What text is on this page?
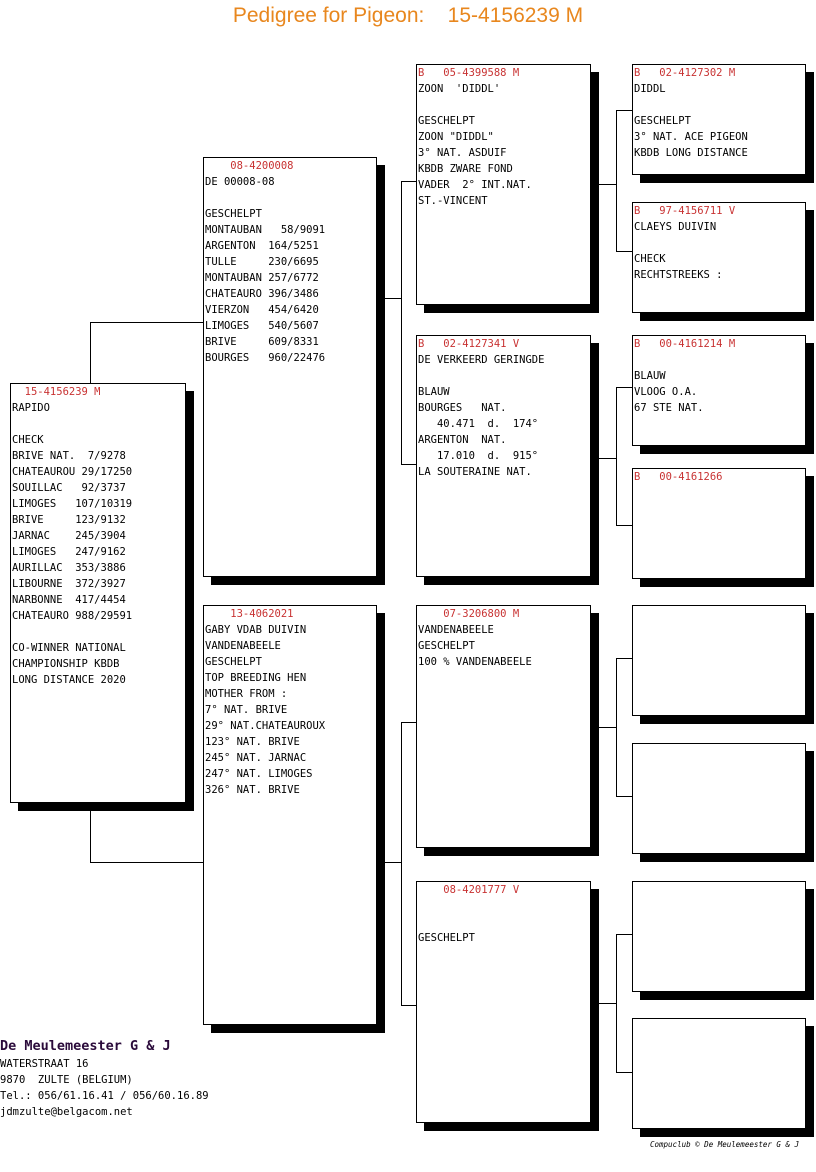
Pedigree for Pigeon:    15-4156239 M
15-4156239 M
RAPIDO
CHECK
BRIVE NAT.  7/9278
CHATEAUROU 29/17250
SOUILLAC   92/3737
LIMOGES   107/10319
BRIVE     123/9132
JARNAC    245/3904
LIMOGES   247/9162
AURILLAC  353/3886
LIBOURNE  372/3927
NARBONNE  417/4454
CHATEAURO 988/29591
CO-WINNER NATIONAL
CHAMPIONSHIP KBDB
LONG DISTANCE 2020
08-4200008
DE 00008-08
GESCHELPT
MONTAUBAN   58/9091
ARGENTON  164/5251
TULLE     230/6695
MONTAUBAN 257/6772
CHATEAURO 396/3486
VIERZON   454/6420
LIMOGES   540/5607
BRIVE     609/8331
BOURGES   960/22476
13-4062021
GABY VDAB DUIVIN
VANDENABEELE
GESCHELPT
TOP BREEDING HEN
MOTHER FROM :
7° NAT. BRIVE
29° NAT.CHATEAUROUX
123° NAT. BRIVE
245° NAT. JARNAC
247° NAT. LIMOGES
326° NAT. BRIVE
B   05-4399588 M
ZOON  'DIDDL'
GESCHELPT
ZOON "DIDDL"
3° NAT. ASDUIF
KBDB ZWARE FOND
VADER  2° INT.NAT.
ST.-VINCENT
B   02-4127341 V
DE VERKEERD GERINGDE
BLAUW
BOURGES   NAT.
40.471  d.  174°
ARGENTON  NAT.
17.010  d.  915°
LA SOUTERAINE NAT.
07-3206800 M
VANDENABEELE
GESCHELPT
100 % VANDENABEELE
08-4201777 V
GESCHELPT
B   02-4127302 M
DIDDL
GESCHELPT
3° NAT. ACE PIGEON
KBDB LONG DISTANCE
B   97-4156711 V
CLAEYS DUIVIN
CHECK
RECHTSTREEKS :
B   00-4161214 M
BLAUW
VLOOG O.A.
67 STE NAT.
B   00-4161266
De Meulemeester G & J
WATERSTRAAT 16
9870  ZULTE (BELGIUM)
Tel.: 056/61.16.41 / 056/60.16.89
jdmzulte@belgacom.net
Compuclub © De Meulemeester G & J
